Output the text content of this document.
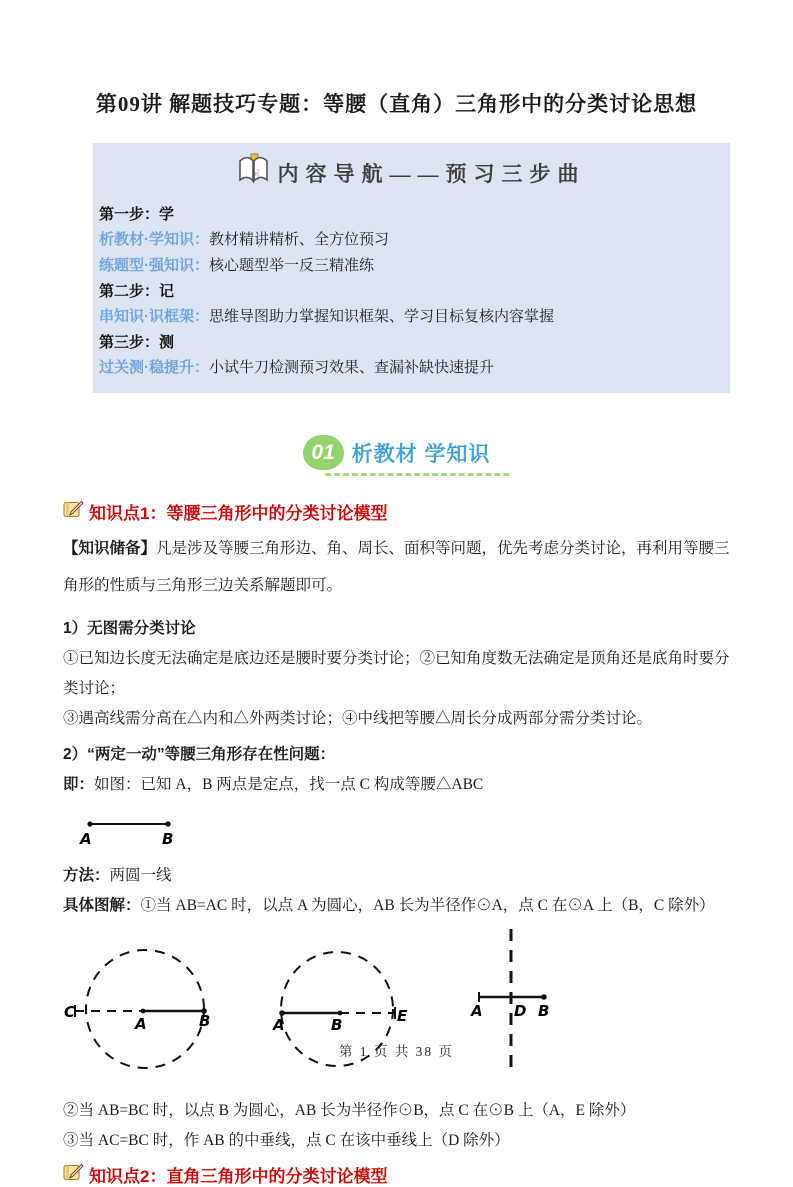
第09讲 解题技巧专题：等腰（直角）三角形中的分类讨论思想
☝ 内容导航——预习三步曲
第一步：学
析教材·学知识：教材精讲精析、全方位预习
练题型·强知识：核心题型举一反三精准练
第二步：记
串知识·识框架：思维导图助力掌握知识框架、学习目标复核内容掌握
第三步：测
过关测·稳提升：小试牛刀检测预习效果、查漏补缺快速提升
01 析教材 学知识
知识点1：等腰三角形中的分类讨论模型
【知识储备】凡是涉及等腰三角形边、角、周长、面积等问题，优先考虑分类讨论，再利用等腰三角形的性质与三角形三边关系解题即可。
1）无图需分类讨论
①已知边长度无法确定是底边还是腰时要分类讨论；②已知角度数无法确定是顶角还是底角时要分类讨论；
③遇高线需分高在△内和△外两类讨论；④中线把等腰△周长分成两部分需分类讨论。
2）“两定一动”等腰三角形存在性问题：
即：如图：已知 A，B 两点是定点，找一点 C 构成等腰△ABC
A	B
方法：两圆一线
具体图解：①当 AB=AC 时，以点 A 为圆心，AB 长为半径作⊙A，点 C 在⊙A 上（B，C 除外）
C
A	B	A	B	E	A D B
②当 AB=BC 时，以点 B 为圆心，AB 长为半径作⊙B，点 C 在⊙B 上（A，E 除外）
③当 AC=BC 时，作 AB 的中垂线，点 C 在该中垂线上（D 除外）
知识点2：直角三角形中的分类讨论模型
第 1 页 共 38 页
